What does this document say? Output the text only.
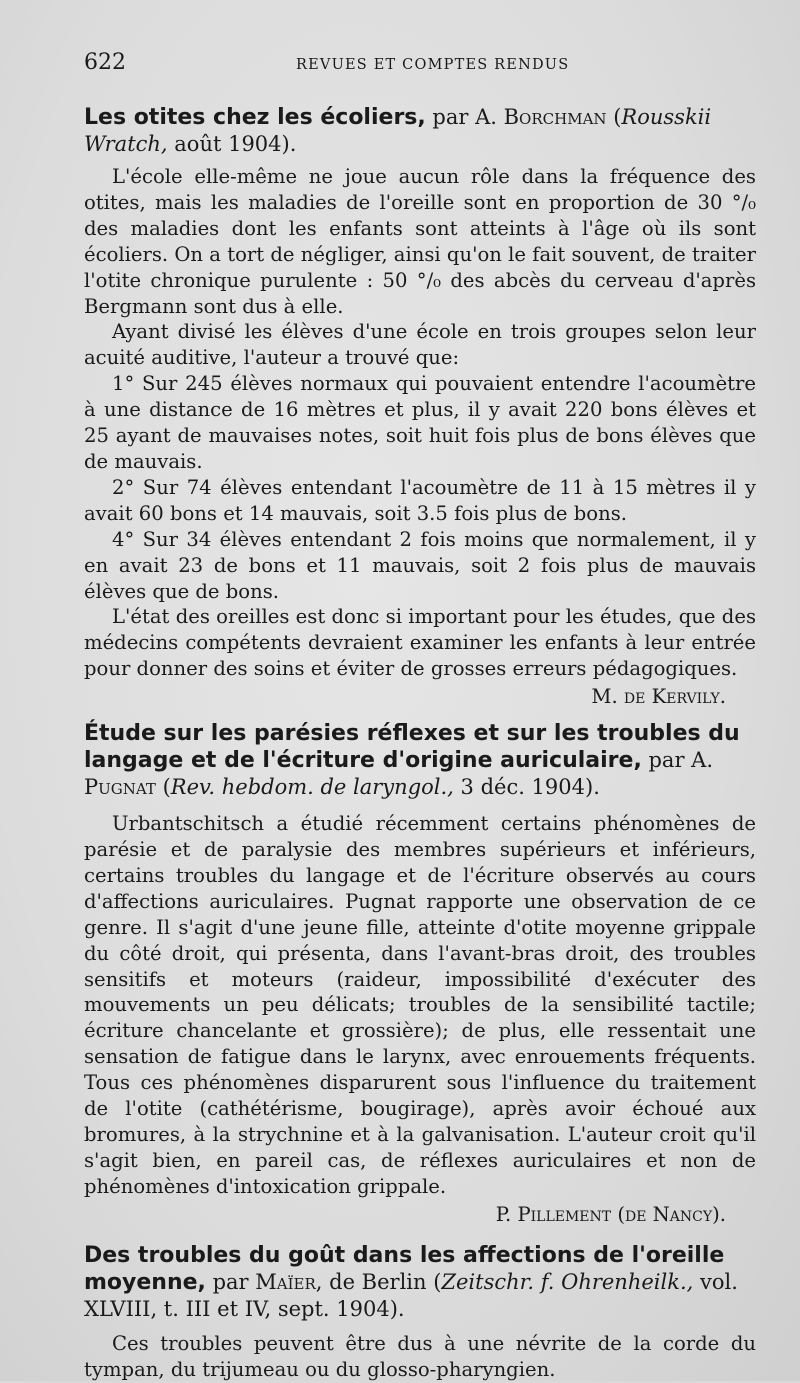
622	REVUES ET COMPTES RENDUS
Les otites chez les écoliers, par A. Borchman (Rousskii Wratch, août 1904).

L'école elle-même ne joue aucun rôle dans la fréquence des otites, mais les maladies de l'oreille sont en proportion de 30 °/₀ des maladies dont les enfants sont atteints à l'âge où ils sont écoliers. On a tort de négliger, ainsi qu'on le fait souvent, de traiter l'otite chronique purulente : 50 °/₀ des abcès du cerveau d'après Bergmann sont dus à elle.

Ayant divisé les élèves d'une école en trois groupes selon leur acuité auditive, l'auteur a trouvé que:

1° Sur 245 élèves normaux qui pouvaient entendre l'acoumètre à une distance de 16 mètres et plus, il y avait 220 bons élèves et 25 ayant de mauvaises notes, soit huit fois plus de bons élèves que de mauvais.

2° Sur 74 élèves entendant l'acoumètre de 11 à 15 mètres il y avait 60 bons et 14 mauvais, soit 3.5 fois plus de bons.

4° Sur 34 élèves entendant 2 fois moins que normalement, il y en avait 23 de bons et 11 mauvais, soit 2 fois plus de mauvais élèves que de bons.

L'état des oreilles est donc si important pour les études, que des médecins compétents devraient examiner les enfants à leur entrée pour donner des soins et éviter de grosses erreurs pédagogiques.

M. de Kervily.
Étude sur les parésies réflexes et sur les troubles du langage et de l'écriture d'origine auriculaire, par A. Pugnat (Rev. hebdom. de laryngol., 3 déc. 1904).

Urbantschitsch a étudié récemment certains phénomènes de parésie et de paralysie des membres supérieurs et inférieurs, certains troubles du langage et de l'écriture observés au cours d'affections auriculaires. Pugnat rapporte une observation de ce genre. Il s'agit d'une jeune fille, atteinte d'otite moyenne grippale du côté droit, qui présenta, dans l'avant-bras droit, des troubles sensitifs et moteurs (raideur, impossibilité d'exécuter des mouvements un peu délicats; troubles de la sensibilité tactile; écriture chancelante et grossière); de plus, elle ressentait une sensation de fatigue dans le larynx, avec enrouements fréquents. Tous ces phénomènes disparurent sous l'influence du traitement de l'otite (cathétérisme, bougirage), après avoir échoué aux bromures, à la strychnine et à la galvanisation. L'auteur croit qu'il s'agit bien, en pareil cas, de réflexes auriculaires et non de phénomènes d'intoxication grippale.

P. Pillement (de Nancy).
Des troubles du goût dans les affections de l'oreille moyenne, par Maïer, de Berlin (Zeitschr. f. Ohrenheilk., vol. XLVIII, t. III et IV, sept. 1904).

Ces troubles peuvent être dus à une névrite de la corde du tympan, du trijumeau ou du glosso-pharyngien.
